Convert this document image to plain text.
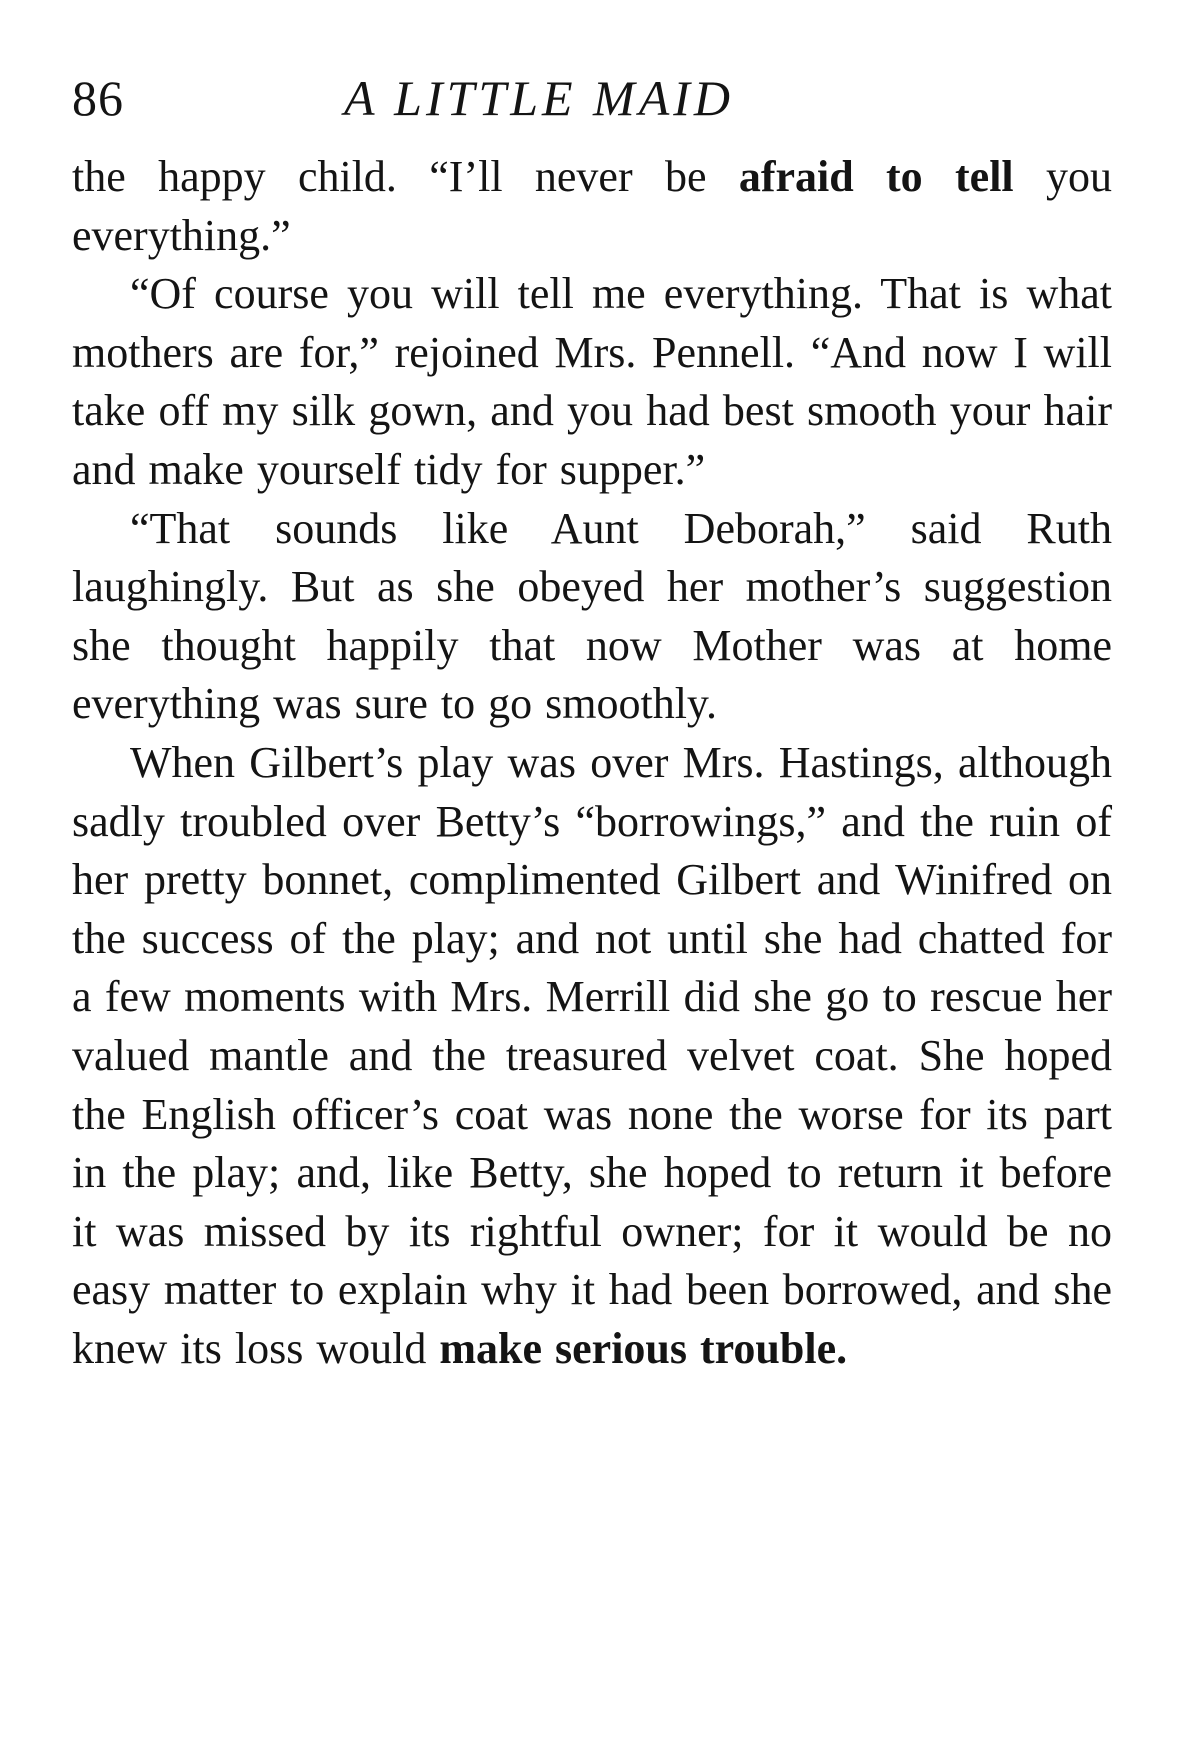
86	A LITTLE MAID

the happy child. “I’ll never be afraid to tell you everything.”

“Of course you will tell me everything. That is what mothers are for,” rejoined Mrs. Pennell. “And now I will take off my silk gown, and you had best smooth your hair and make yourself tidy for supper.”

“That sounds like Aunt Deborah,” said Ruth laughingly. But as she obeyed her mother’s suggestion she thought happily that now Mother was at home everything was sure to go smoothly.

When Gilbert’s play was over Mrs. Hastings, although sadly troubled over Betty’s “borrowings,” and the ruin of her pretty bonnet, complimented Gilbert and Winifred on the success of the play; and not until she had chatted for a few moments with Mrs. Merrill did she go to rescue her valued mantle and the treasured velvet coat. She hoped the English officer’s coat was none the worse for its part in the play; and, like Betty, she hoped to return it before it was missed by its rightful owner; for it would be no easy matter to explain why it had been borrowed, and she knew its loss would make serious trouble.
